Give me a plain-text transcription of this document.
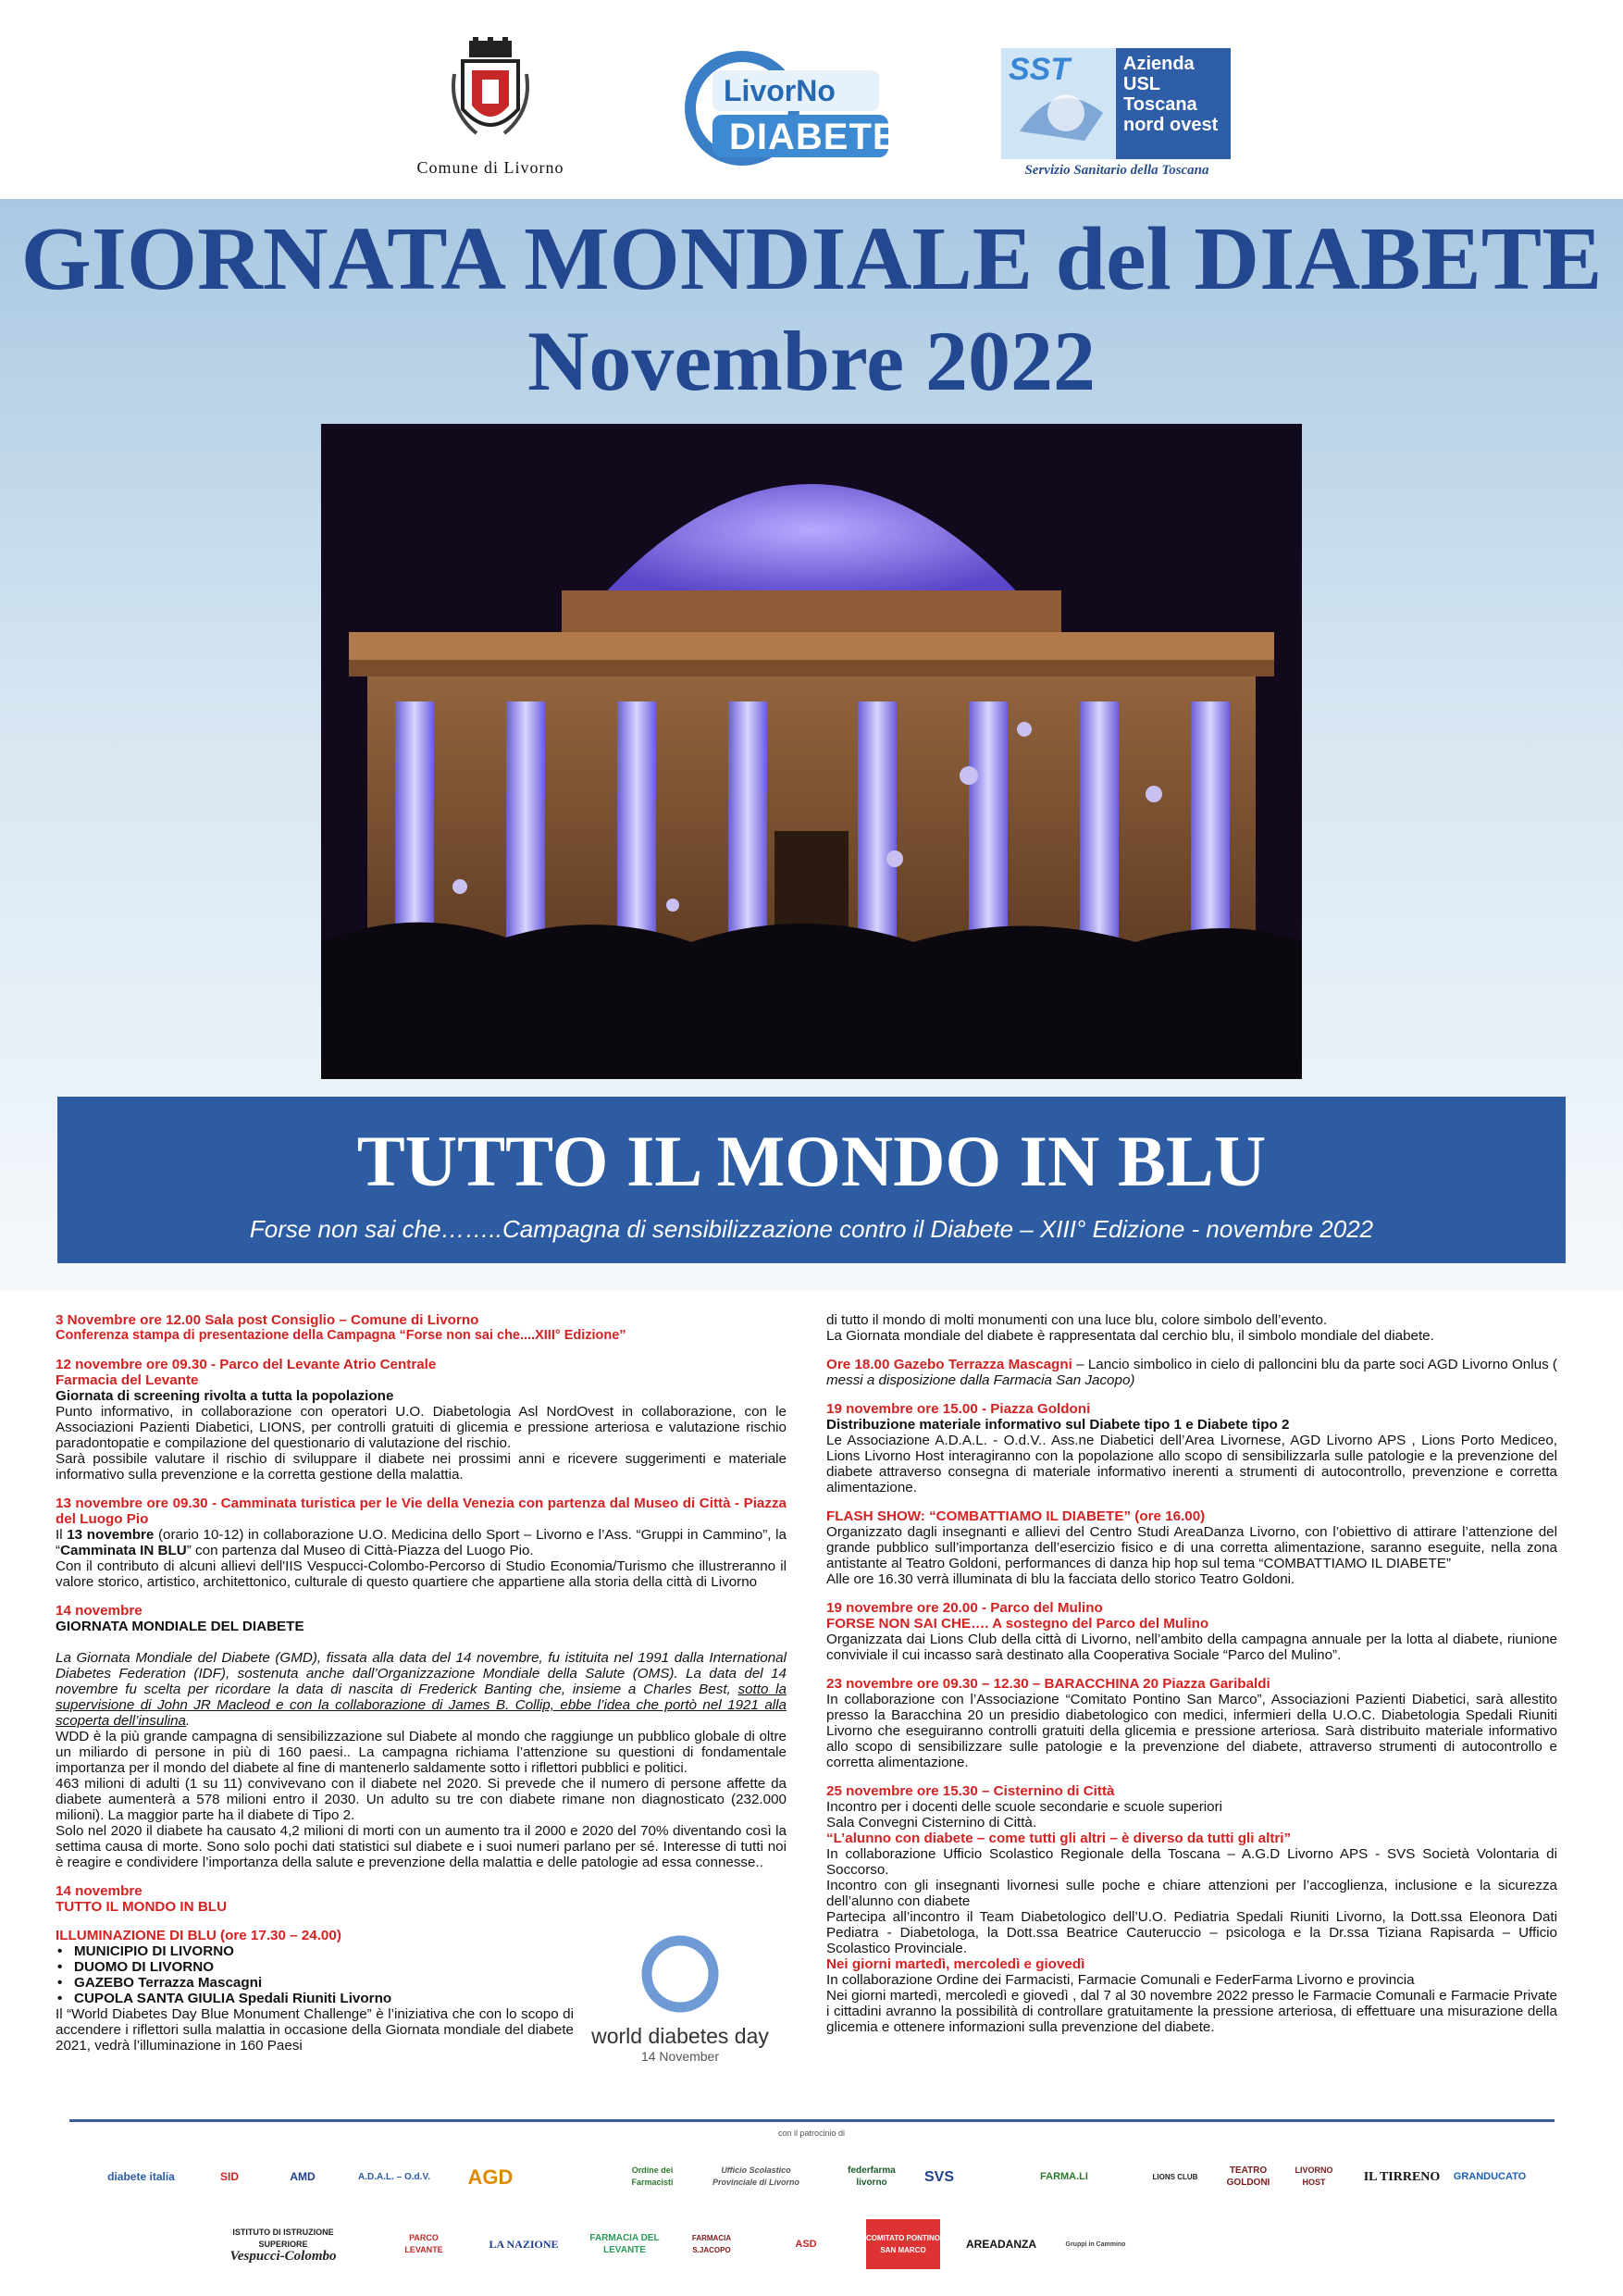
Comune di Livorno
LivorNo
DIABETE
SST	Azienda
USL
Toscana
nord ovest
Servizio Sanitario della Toscana
GIORNATA MONDIALE del DIABETE
Novembre 2022
TUTTO IL MONDO IN BLU
Forse non sai che……..Campagna di sensibilizzazione contro il Diabete – XIII° Edizione - novembre 2022

3 Novembre ore 12.00 Sala post Consiglio – Comune di Livorno

Conferenza stampa di presentazione della Campagna “Forse non sai che....XIII° Edizione”

12 novembre ore 09.30 - Parco del Levante Atrio Centrale

Farmacia del Levante

Giornata di screening rivolta a tutta la popolazione

Punto informativo, in collaborazione con operatori U.O. Diabetologia Asl NordOvest in collaborazione, con le Associazioni Pazienti Diabetici, LIONS, per controlli gratuiti di glicemia e pressione arteriosa e valutazione rischio paradontopatie e compilazione del questionario di valutazione del rischio.

Sarà possibile valutare il rischio di sviluppare il diabete nei prossimi anni e ricevere suggerimenti e materiale informativo sulla prevenzione e la corretta gestione della malattia.

13 novembre ore 09.30 - Camminata turistica per le Vie della Venezia con partenza dal Museo di Città - Piazza del Luogo Pio

Il 13 novembre (orario 10-12) in collaborazione U.O. Medicina dello Sport – Livorno e l’Ass. “Gruppi in Cammino”, la “Camminata IN BLU” con partenza dal Museo di Città-Piazza del Luogo Pio.

Con il contributo di alcuni allievi dell'IIS Vespucci-Colombo-Percorso di Studio Economia/Turismo che illustreranno il valore storico, artistico, architettonico, culturale di questo quartiere che appartiene alla storia della città di Livorno

14 novembre

GIORNATA MONDIALE DEL DIABETE

La Giornata Mondiale del Diabete (GMD), fissata alla data del 14 novembre, fu istituita nel 1991 dalla International Diabetes Federation (IDF), sostenuta anche dall’Organizzazione Mondiale della Salute (OMS). La data del 14 novembre fu scelta per ricordare la data di nascita di Frederick Banting che, insieme a Charles Best, sotto la supervisione di John JR Macleod e con la collaborazione di James B. Collip, ebbe l’idea che portò nel 1921 alla scoperta dell’insulina.

WDD è la più grande campagna di sensibilizzazione sul Diabete al mondo che raggiunge un pubblico globale di oltre un miliardo di persone in più di 160 paesi.. La campagna richiama l’attenzione su questioni di fondamentale importanza per il mondo del diabete al fine di mantenerlo saldamente sotto i riflettori pubblici e politici.

463 milioni di adulti (1 su 11) convivevano con il diabete nel 2020. Si prevede che il numero di persone affette da diabete aumenterà a 578 milioni entro il 2030. Un adulto su tre con diabete rimane non diagnosticato (232.000 milioni). La maggior parte ha il diabete di Tipo 2.

Solo nel 2020 il diabete ha causato 4,2 milioni di morti con un aumento tra il 2000 e 2020 del 70% diventando così la settima causa di morte. Sono solo pochi dati statistici sul diabete e i suoi numeri parlano per sé. Interesse di tutti noi è reagire e condividere l’importanza della salute e prevenzione della malattia e delle patologie ad essa connesse..

14 novembre

TUTTO IL MONDO IN BLU

ILLUMINAZIONE DI BLU (ore 17.30 – 24.00)

• MUNICIPIO DI LIVORNO
• DUOMO DI LIVORNO
• GAZEBO Terrazza Mascagni
• CUPOLA SANTA GIULIA Spedali Riuniti Livorno

Il “World Diabetes Day Blue Monument Challenge” è l’iniziativa che con lo scopo di accendere i riflettori sulla malattia in occasione della Giornata mondiale del diabete 2021, vedrà l’illuminazione in 160 Paesi	world diabetes day
14 November

di tutto il mondo di molti monumenti con una luce blu, colore simbolo dell’evento.

La Giornata mondiale del diabete è rappresentata dal cerchio blu, il simbolo mondiale del diabete.

Ore 18.00 Gazebo Terrazza Mascagni – Lancio simbolico in cielo di palloncini blu da parte soci AGD Livorno Onlus ( messi a disposizione dalla Farmacia San Jacopo)

19 novembre ore 15.00 - Piazza Goldoni

Distribuzione materiale informativo sul Diabete tipo 1 e Diabete tipo 2

Le Associazione A.D.A.L. - O.d.V.. Ass.ne Diabetici dell’Area Livornese, AGD Livorno APS , Lions Porto Mediceo, Lions Livorno Host interagiranno con la popolazione allo scopo di sensibilizzarla sulle patologie e la prevenzione del diabete attraverso consegna di materiale informativo inerenti a strumenti di autocontrollo, prevenzione e corretta alimentazione.

FLASH SHOW: “COMBATTIAMO IL DIABETE” (ore 16.00)

Organizzato dagli insegnanti e allievi del Centro Studi AreaDanza Livorno, con l’obiettivo di attirare l’attenzione del grande pubblico sull’importanza dell’esercizio fisico e di una corretta alimentazione, saranno eseguite, nella zona antistante al Teatro Goldoni, performances di danza hip hop sul tema “COMBATTIAMO IL DIABETE”

Alle ore 16.30 verrà illuminata di blu la facciata dello storico Teatro Goldoni.

19 novembre ore 20.00 - Parco del Mulino

FORSE NON SAI CHE…. A sostegno del Parco del Mulino

Organizzata dai Lions Club della città di Livorno, nell’ambito della campagna annuale per la lotta al diabete, riunione conviviale il cui incasso sarà destinato alla Cooperativa Sociale “Parco del Mulino”.

23 novembre ore 09.30 – 12.30 – BARACCHINA 20 Piazza Garibaldi

In collaborazione con l’Associazione “Comitato Pontino San Marco”, Associazioni Pazienti Diabetici, sarà allestito presso la Baracchina 20 un presidio diabetologico con medici, infermieri della U.O.C. Diabetologia Spedali Riuniti Livorno che eseguiranno controlli gratuiti della glicemia e pressione arteriosa. Sarà distribuito materiale informativo allo scopo di sensibilizzare sulle patologie e la prevenzione del diabete, attraverso strumenti di autocontrollo e corretta alimentazione.

25 novembre ore 15.30 – Cisternino di Città

Incontro per i docenti delle scuole secondarie e scuole superiori

Sala Convegni Cisternino di Città.

“L’alunno con diabete – come tutti gli altri – è diverso da tutti gli altri”

In collaborazione Ufficio Scolastico Regionale della Toscana – A.G.D Livorno APS - SVS Società Volontaria di Soccorso.

Incontro con gli insegnanti livornesi sulle poche e chiare attenzioni per l’accoglienza, inclusione e la sicurezza dell’alunno con diabete

Partecipa all’incontro il Team Diabetologico dell’U.O. Pediatria Spedali Riuniti Livorno, la Dott.ssa Eleonora Dati Pediatra - Diabetologa, la Dott.ssa Beatrice Cauteruccio – psicologa e la Dr.ssa Tiziana Rapisarda – Ufficio Scolastico Provinciale.

Nei giorni martedì, mercoledì e giovedì

In collaborazione Ordine dei Farmacisti, Farmacie Comunali e FederFarma Livorno e provincia

Nei giorni martedì, mercoledì e giovedì , dal 7 al 30 novembre 2022 presso le Farmacie Comunali e Farmacie Private i cittadini avranno la possibilità di controllare gratuitamente la pressione arteriosa, di effettuare una misurazione della glicemia e ottenere informazioni sulla prevenzione del diabete.

con il patrocinio di
diabete italia	SID	AMD	A.D.A.L. – O.d.V.	AGD	Ordine dei Farmacisti
Ufficio Scolastico Provinciale di Livorno
federfarma livorno	SVS	FARMA.LI	LIONS CLUB
TEATRO GOLDONI
LIVORNO HOST	IL TIRRENO	GRANDUCATO
ISTITUTO DI ISTRUZIONE SUPERIORE
Vespucci-Colombo
PARCO LEVANTE	LA NAZIONE	FARMACIA DEL LEVANTE
FARMACIA S.JACOPO
ASD	COMITATO PONTINO SAN MARCO	AREADANZA	Gruppi in Cammino
